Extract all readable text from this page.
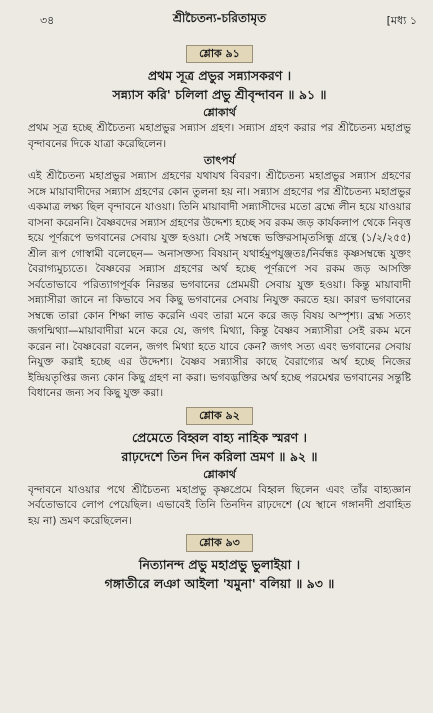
৩৪	শ্রীচৈতন্য-চরিতামৃত	[মধ্য ১
শ্লোক ৯১

প্রথম সূত্র প্রভুর সন্ন্যাসকরণ ।

সন্ন্যাস করি' চলিলা প্রভু শ্রীবৃন্দাবন ॥ ৯১ ॥

শ্লোকার্থ

প্রথম সূত্র হচ্ছে শ্রীচৈতন্য মহাপ্রভুর সন্ন্যাস গ্রহণ। সন্ন্যাস গ্রহণ করার পর শ্রীচৈতন্য মহাপ্রভু বৃন্দাবনের দিকে যাত্রা করেছিলেন।

তাৎপর্য

এই শ্রীচৈতন্য মহাপ্রভুর সন্ন্যাস গ্রহণের যথাযথ বিবরণ। শ্রীচৈতন্য মহাপ্রভুর সন্ন্যাস গ্রহণের সঙ্গে মায়াবাদীদের সন্ন্যাস গ্রহণের কোন তুলনা হয় না। সন্ন্যাস গ্রহণের পর শ্রীচৈতন্য মহাপ্রভুর একমাত্র লক্ষ্য ছিল বৃন্দাবনে যাওয়া। তিনি মায়াবাদী সন্ন্যাসীদের মতো ব্রহ্মে লীন হয়ে যাওয়ার বাসনা করেননি। বৈষ্ণবদের সন্ন্যাস গ্রহণের উদ্দেশ্য হচ্ছে সব রকম জড় কার্যকলাপ থেকে নিবৃত্ত হয়ে পূর্ণরূপে ভগবানের সেবায় যুক্ত হওয়া। সেই সম্বন্ধে ভক্তিরসামৃতসিন্ধু গ্রন্থে (১/২/২৫৫) শ্রীল রূপ গোস্বামী বলেছেন— অনাসক্তস্য বিষয়ান্ যথার্হমুপযুঞ্জতঃ/নির্বন্ধঃ কৃষ্ণসম্বন্ধে যুক্তং বৈরাগ্যমুচ্যতে। বৈষ্ণবের সন্ন্যাস গ্রহণের অর্থ হচ্ছে পূর্ণরূপে সব রকম জড় আসক্তি সর্বতোভাবে পরিত্যাগপূর্বক নিরন্তর ভগবানের প্রেমময়ী সেবায় যুক্ত হওয়া। কিন্তু মায়াবাদী সন্ন্যাসীরা জানে না কিভাবে সব কিছু ভগবানের সেবায় নিযুক্ত করতে হয়। কারণ ভগবানের সম্বন্ধে তারা কোন শিক্ষা লাভ করেনি এবং তারা মনে করে জড় বিষয় অস্পৃশ্য। ব্রহ্ম সত্যং জগন্মিথ্যা—মায়াবাদীরা মনে করে যে, জগৎ মিথ্যা, কিন্তু বৈষ্ণব সন্ন্যাসীরা সেই রকম মনে করেন না। বৈষ্ণবেরা বলেন, জগৎ মিথ্যা হতে যাবে কেন? জগৎ সত্য এবং ভগবানের সেবায় নিযুক্ত করাই হচ্ছে এর উদ্দেশ্য। বৈষ্ণব সন্ন্যাসীর কাছে বৈরাগ্যের অর্থ হচ্ছে নিজের ইন্দ্রিয়তৃপ্তির জন্য কোন কিছু গ্রহণ না করা। ভগবদ্ভক্তির অর্থ হচ্ছে পরমেশ্বর ভগবানের সন্তুষ্টি বিধানের জন্য সব কিছু যুক্ত করা।

শ্লোক ৯২

প্রেমেতে বিহ্বল বাহ্য নাহিক স্মরণ ।

রাঢ়দেশে তিন দিন করিলা ভ্রমণ ॥ ৯২ ॥

শ্লোকার্থ

বৃন্দাবনে যাওয়ার পথে শ্রীচৈতন্য মহাপ্রভু কৃষ্ণপ্রেমে বিহ্বল ছিলেন এবং তাঁর বাহ্যজ্ঞান সর্বতোভাবে লোপ পেয়েছিল। এভাবেই তিনি তিনদিন রাঢ়দেশে (যে স্থানে গঙ্গানদী প্রবাহিত হয় না) ভ্রমণ করেছিলেন।

শ্লোক ৯৩

নিত্যানন্দ প্রভু মহাপ্রভু ভুলাইয়া ।

গঙ্গাতীরে লঞা আইলা 'যমুনা' বলিয়া ॥ ৯৩ ॥
